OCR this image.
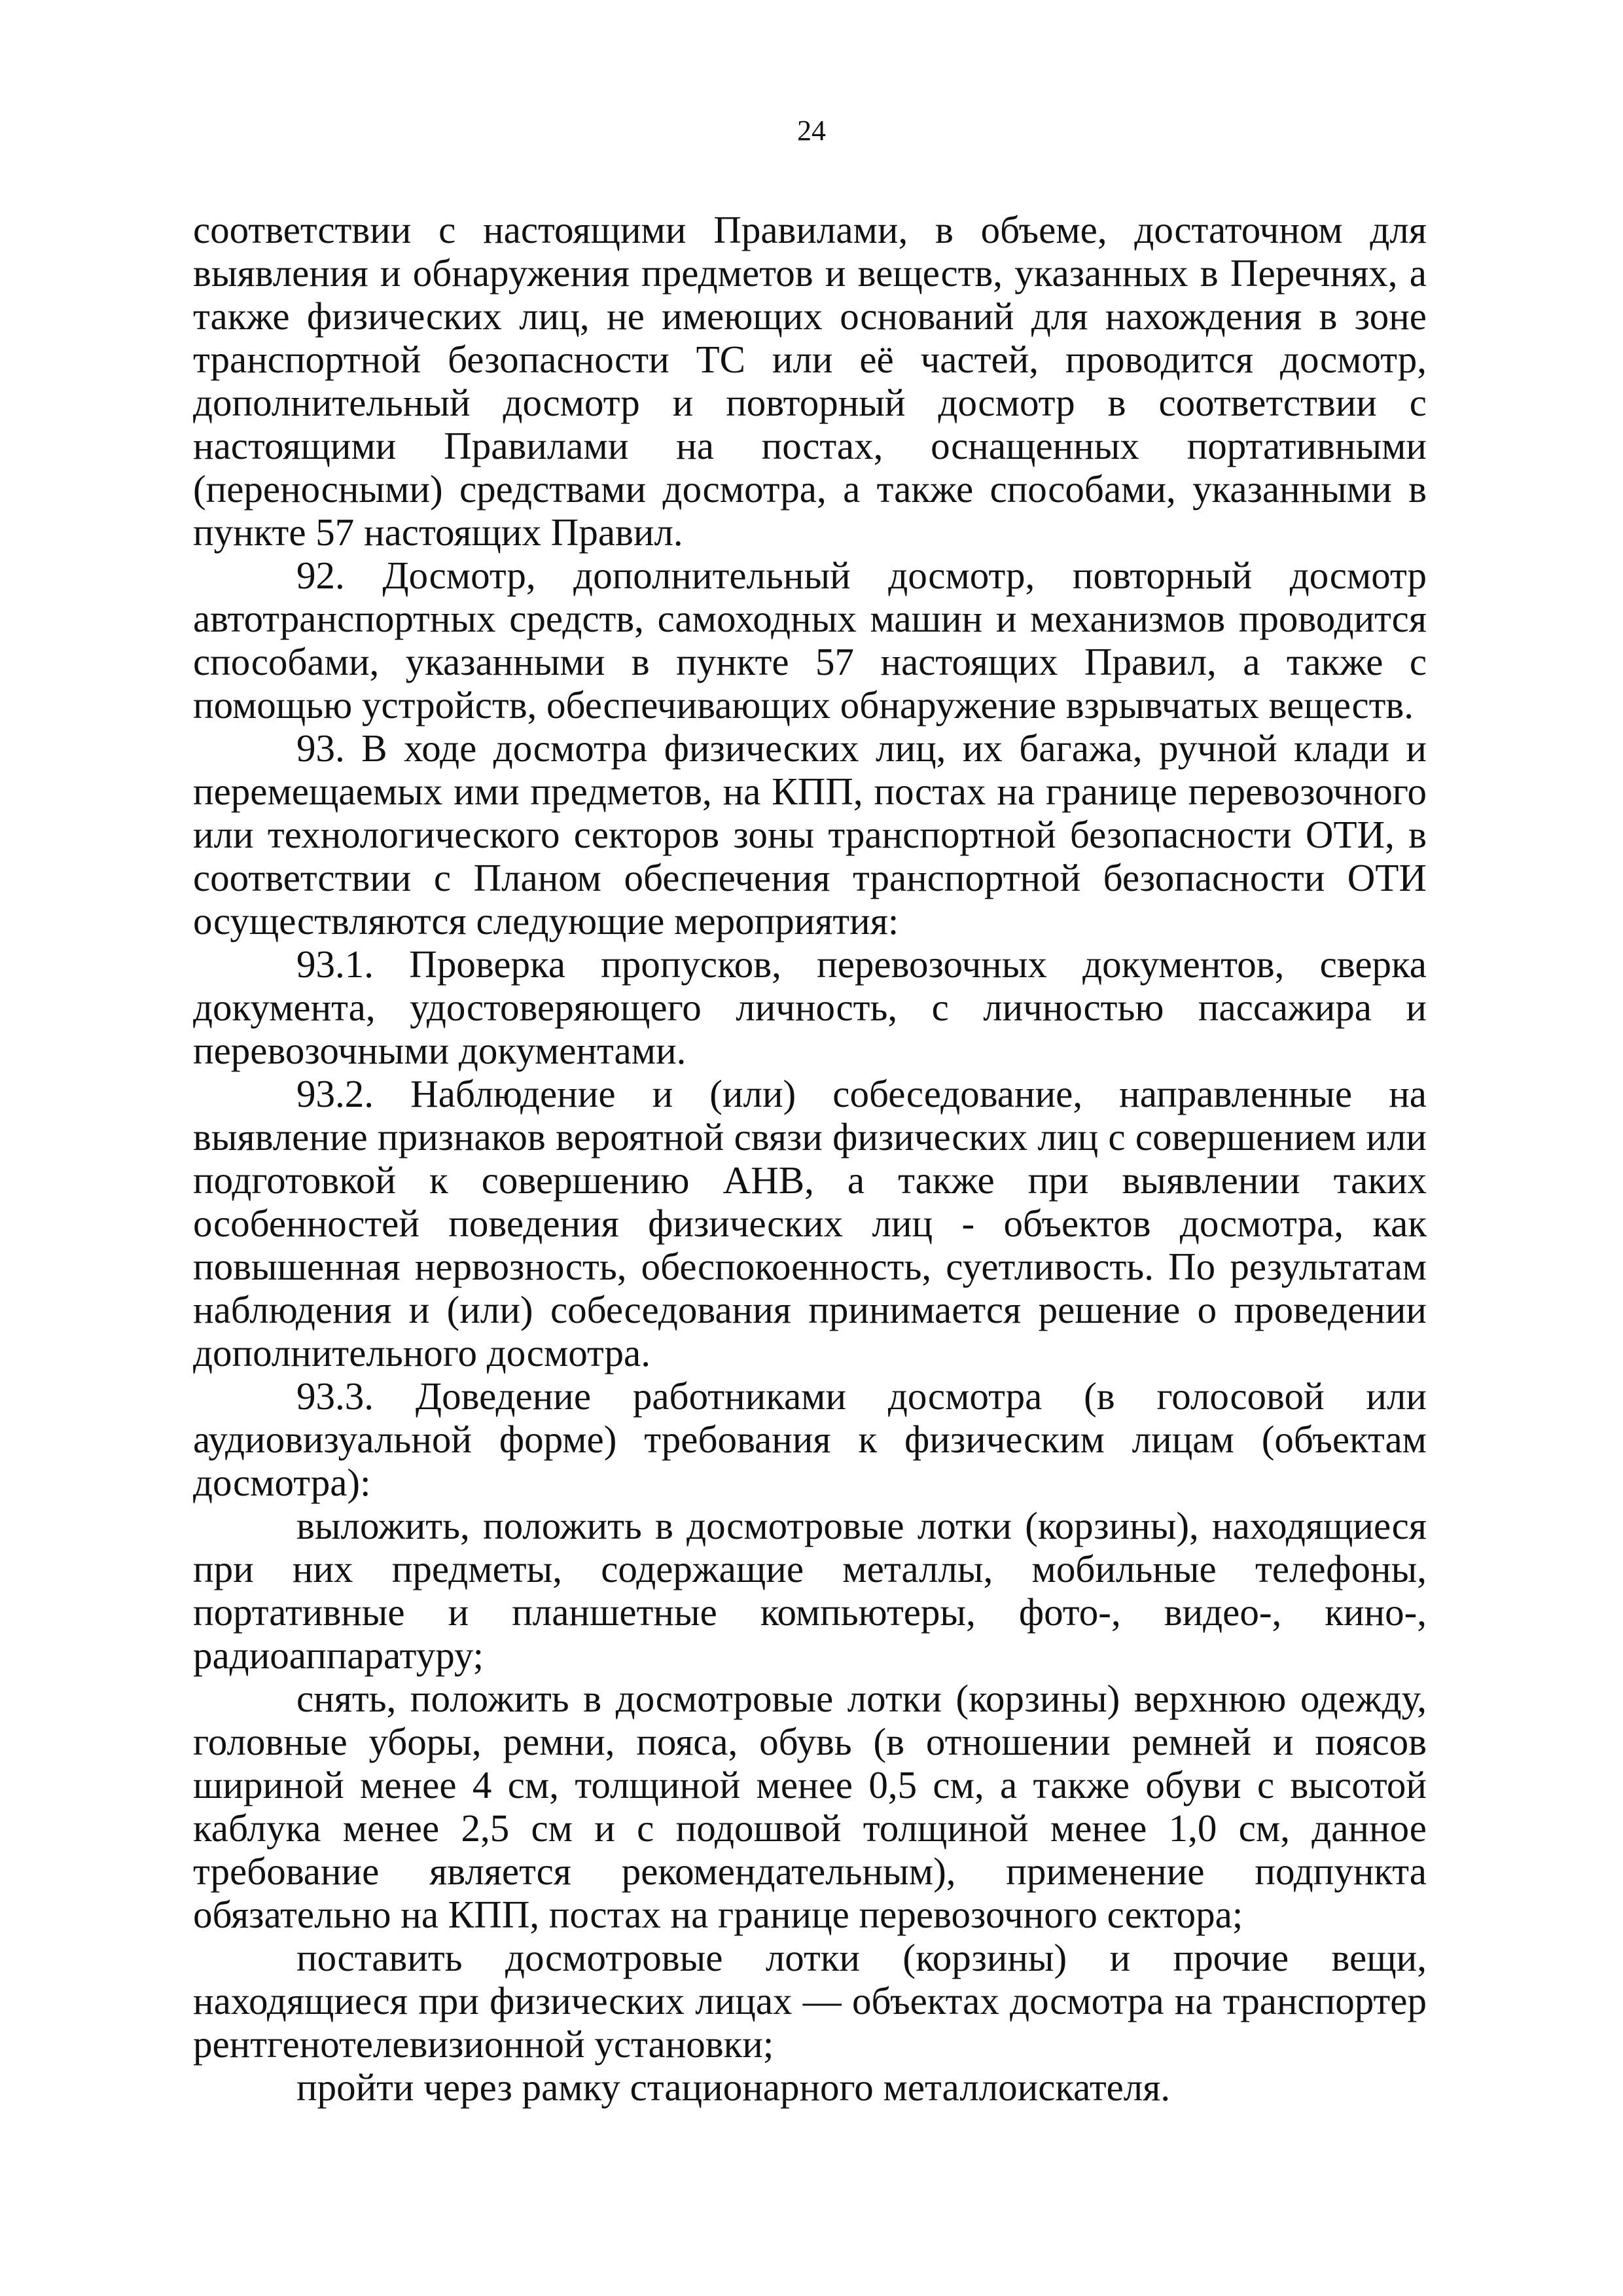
24

соответствии с настоящими Правилами, в объеме, достаточном для выявления и обнаружения предметов и веществ, указанных в Перечнях, а также физических лиц, не имеющих оснований для нахождения в зоне транспортной безопасности ТС или её частей, проводится досмотр, дополнительный досмотр и повторный досмотр в соответствии с настоящими Правилами на постах, оснащенных портативными (переносными) средствами досмотра, а также способами, указанными в пункте 57 настоящих Правил.

92. Досмотр, дополнительный досмотр, повторный досмотр автотранспортных средств, самоходных машин и механизмов проводится способами, указанными в пункте 57 настоящих Правил, а также с помощью устройств, обеспечивающих обнаружение взрывчатых веществ.

93. В ходе досмотра физических лиц, их багажа, ручной клади и перемещаемых ими предметов, на КПП, постах на границе перевозочного или технологического секторов зоны транспортной безопасности ОТИ, в соответствии с Планом обеспечения транспортной безопасности ОТИ осуществляются следующие мероприятия:

93.1. Проверка пропусков, перевозочных документов, сверка документа, удостоверяющего личность, с личностью пассажира и перевозочными документами.

93.2. Наблюдение и (или) собеседование, направленные на выявление признаков вероятной связи физических лиц с совершением или подготовкой к совершению АНВ, а также при выявлении таких особенностей поведения физических лиц - объектов досмотра, как повышенная нервозность, обеспокоенность, суетливость. По результатам наблюдения и (или) собеседования принимается решение о проведении дополнительного досмотра.

93.3. Доведение работниками досмотра (в голосовой или аудиовизуальной форме) требования к физическим лицам (объектам досмотра):

выложить, положить в досмотровые лотки (корзины), находящиеся при них предметы, содержащие металлы, мобильные телефоны, портативные и планшетные компьютеры, фото-, видео-, кино-, радиоаппаратуру;

снять, положить в досмотровые лотки (корзины) верхнюю одежду, головные уборы, ремни, пояса, обувь (в отношении ремней и поясов шириной менее 4 см, толщиной менее 0,5 см, а также обуви с высотой каблука менее 2,5 см и с подошвой толщиной менее 1,0 см, данное требование является рекомендательным), применение подпункта обязательно на КПП, постах на границе перевозочного сектора;

поставить досмотровые лотки (корзины) и прочие вещи, находящиеся при физических лицах — объектах досмотра на транспортер рентгенотелевизионной установки;

пройти через рамку стационарного металлоискателя.
